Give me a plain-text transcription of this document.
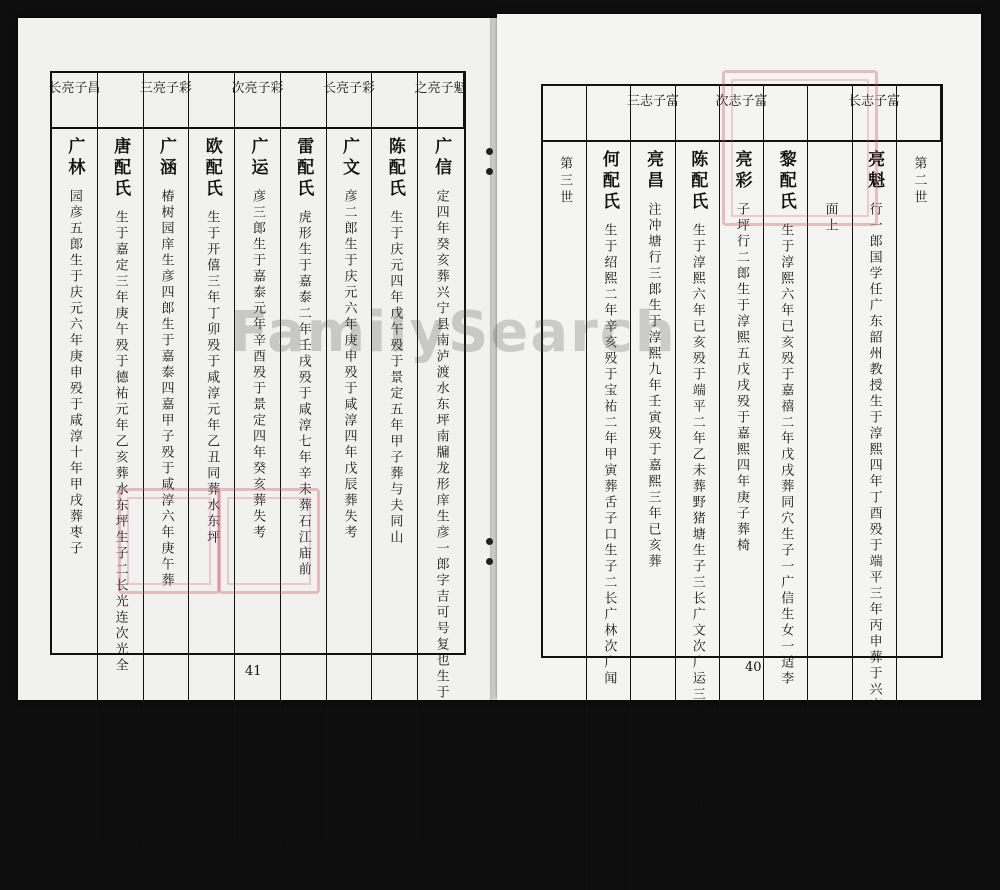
长亮子昌	三亮子彩	次亮子彩	长亮子彩	之亮子魁
广林
园彦五郎生于庆元六年庚申殁于咸淳十年甲戌葬枣子
唐配氏
生于嘉定三年庚午殁于德祐元年乙亥葬水东坪生子二长光连次光全
广涵
椿树园庠生彦四郎生于嘉泰四嘉甲子殁于咸淳六年庚午葬
欧配氏
生于开僖三年丁卯殁于咸淳元年乙丑同葬水东坪
广运
彦三郎生于嘉泰元年辛酉殁于景定四年癸亥葬失考
雷配氏
虎形生于嘉泰二年壬戌殁于咸淳七年辛未葬石江庙前
广文
彦二郎生于庆元六年庚申殁于咸淳四年戊辰葬失考
陈配氏
生于庆元四年戊午殁于景定五年甲子葬与夫同山
广信
定四年癸亥葬兴宁县南泸渡水东坪南牖龙形庠生彦一郎字吉可号复也生于庆元二年丙辰殁于景
41
三志子富	次志子富	长志子富
第三世 何配氏
生于绍熙二年辛亥殁于宝祐二年甲寅葬舌子口生子二长广林次广闻
亮昌
注冲塘行三郎生于淳熙九年壬寅殁于嘉熙三年已亥葬
陈配氏
生于淳熙六年已亥殁于端平二年乙未葬野猪塘生子三长广文次广运三广涵生女一适林
亮彩
子坪行二郎生于淳熙五戊戌殁于嘉熙四年庚子葬椅
黎配氏
生于淳熙六年已亥殁于嘉禧二年戊戌葬同穴生子一广信生女一适李
面上
亮魁
行一郎国学任广东韶州教授生于淳熙四年丁酉殁于端平三年丙申葬于兴甯县南吴崑山污泡塘右边路
第二世
40
FamilySearch
